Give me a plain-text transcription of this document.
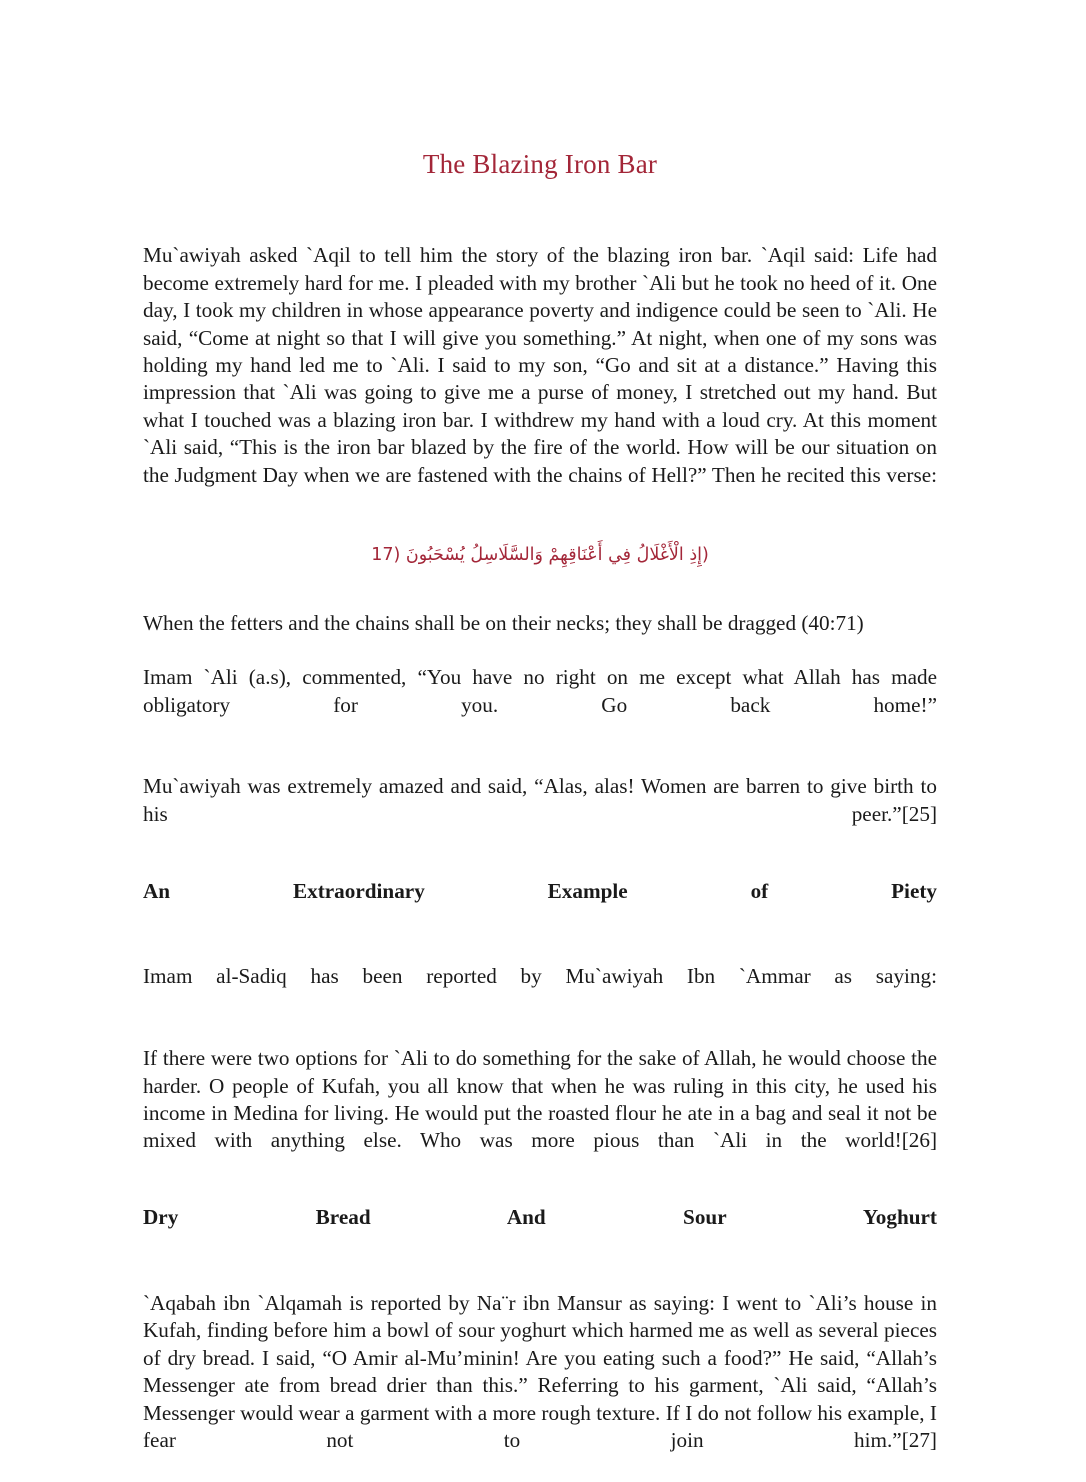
The Blazing Iron Bar

Mu`awiyah asked `Aqil to tell him the story of the blazing iron bar. `Aqil said: Life had become extremely hard for me. I pleaded with my brother `Ali but he took no heed of it. One day, I took my children in whose appearance poverty and indigence could be seen to `Ali. He said, “Come at night so that I will give you something.” At night, when one of my sons was holding my hand led me to `Ali. I said to my son, “Go and sit at a distance.” Having this impression that `Ali was going to give me a purse of money, I stretched out my hand. But what I touched was a blazing iron bar. I withdrew my hand with a loud cry. At this moment `Ali said, “This is the iron bar blazed by the fire of the world. How will be our situation on the Judgment Day when we are fastened with the chains of Hell?” Then he recited this verse:

(إِذِ الْأَغْلَالُ فِي أَعْنَاقِهِمْ وَالسَّلَاسِلُ يُسْحَبُونَ (71

When the fetters and the chains shall be on their necks; they shall be dragged (40:71)

Imam `Ali (a.s), commented, “You have no right on me except what Allah has made obligatory for you. Go back home!”

Mu`awiyah was extremely amazed and said, “Alas, alas! Women are barren to give birth to his peer.”[25]

An Extraordinary Example of Piety

Imam al-Sadiq has been reported by Mu`awiyah Ibn `Ammar as saying:

If there were two options for `Ali to do something for the sake of Allah, he would choose the harder. O people of Kufah, you all know that when he was ruling in this city, he used his income in Medina for living. He would put the roasted flour he ate in a bag and seal it not be mixed with anything else. Who was more pious than `Ali in the world![26]

Dry Bread And Sour Yoghurt

`Aqabah ibn `Alqamah is reported by Na¨r ibn Mansur as saying: I went to `Ali’s house in Kufah, finding before him a bowl of sour yoghurt which harmed me as well as several pieces of dry bread. I said, “O Amir al-Mu’minin! Are you eating such a food?” He said, “Allah’s Messenger ate from bread drier than this.” Referring to his garment, `Ali said, “Allah’s Messenger would wear a garment with a more rough texture. If I do not follow his example, I fear not to join him.”[27]
